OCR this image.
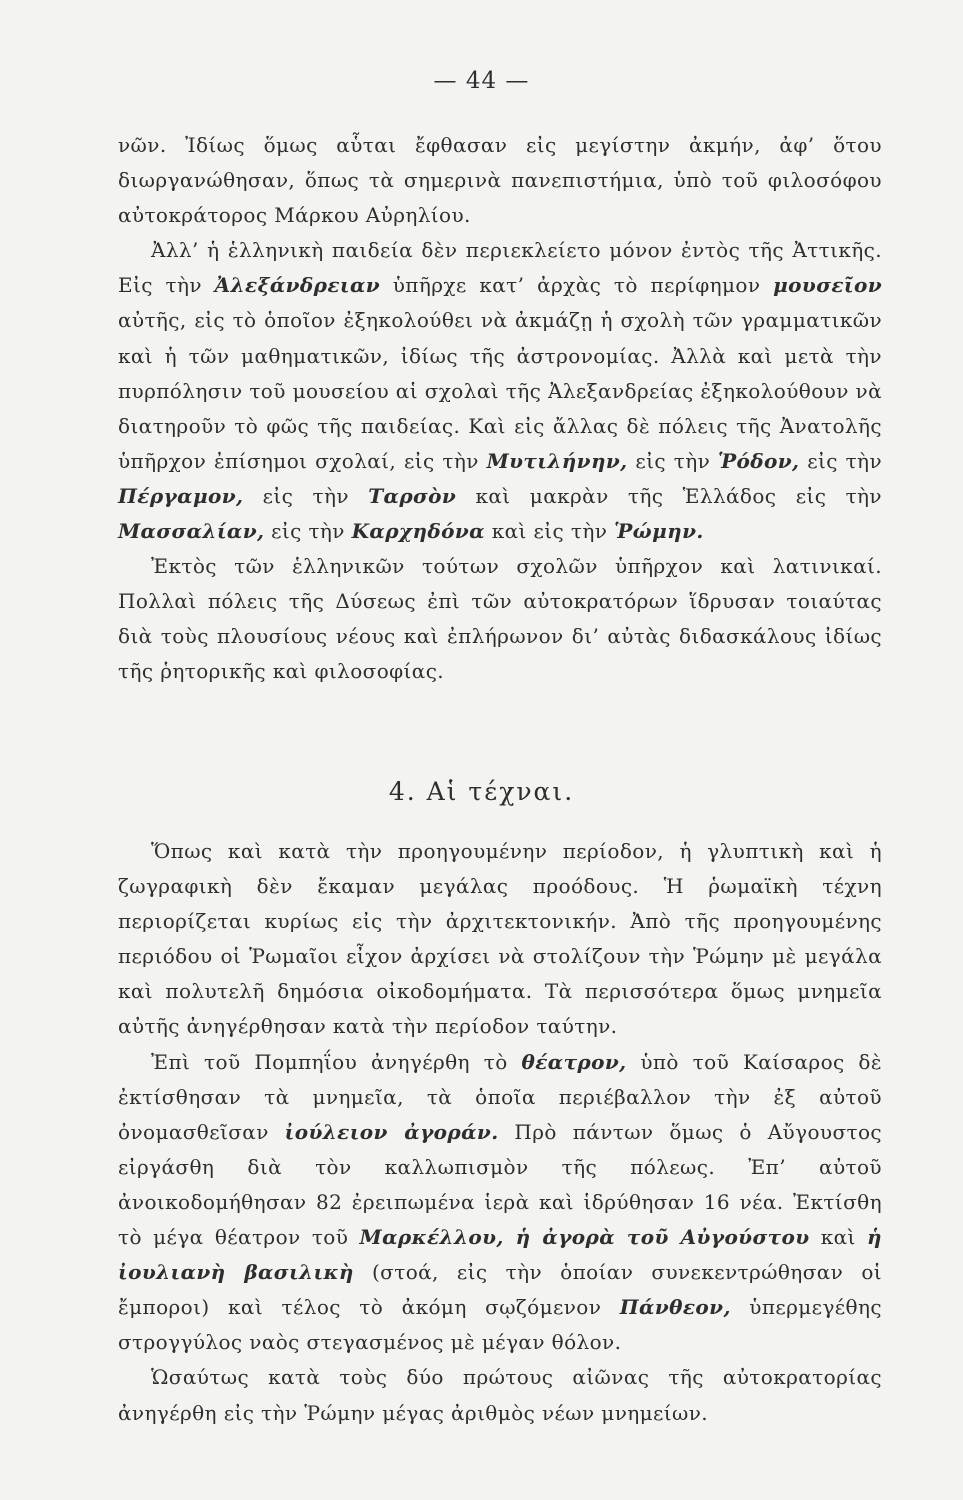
— 44 —

νῶν. Ἰδίως ὅμως αὗται ἔφθασαν εἰς μεγίστην ἀκμήν, ἀφ’ ὅτου διωργανώθησαν, ὅπως τὰ σημερινὰ πανεπιστήμια, ὑπὸ τοῦ φιλοσόφου αὐτοκράτορος Μάρκου Αὐρηλίου.

Ἀλλ’ ἡ ἑλληνικὴ παιδεία δὲν περιεκλείετο μόνον ἐντὸς τῆς Ἀττικῆς. Εἰς τὴν Ἀλεξάνδρειαν ὑπῆρχε κατ’ ἀρχὰς τὸ περίφημον μουσεῖον αὐτῆς, εἰς τὸ ὁποῖον ἐξηκολούθει νὰ ἀκμάζῃ ἡ σχολὴ τῶν γραμματικῶν καὶ ἡ τῶν μαθηματικῶν, ἰδίως τῆς ἀστρονομίας. Ἀλλὰ καὶ μετὰ τὴν πυρπόλησιν τοῦ μουσείου αἱ σχολαὶ τῆς Ἀλεξανδρείας ἐξηκολούθουν νὰ διατηροῦν τὸ φῶς τῆς παιδείας. Καὶ εἰς ἄλλας δὲ πόλεις τῆς Ἀνατολῆς ὑπῆρχον ἐπίσημοι σχολαί, εἰς τὴν Μυτιλήνην, εἰς τὴν Ῥόδον, εἰς τὴν Πέργαμον, εἰς τὴν Ταρσὸν καὶ μακρὰν τῆς Ἑλλάδος εἰς τὴν Μασσαλίαν, εἰς τὴν Καρχηδόνα καὶ εἰς τὴν Ῥώμην.

Ἐκτὸς τῶν ἑλληνικῶν τούτων σχολῶν ὑπῆρχον καὶ λατινικαί. Πολλαὶ πόλεις τῆς Δύσεως ἐπὶ τῶν αὐτοκρατόρων ἵδρυσαν τοιαύτας διὰ τοὺς πλουσίους νέους καὶ ἐπλήρωνον δι’ αὐτὰς διδασκάλους ἰδίως τῆς ῥητορικῆς καὶ φιλοσοφίας.

4. Αἱ τέχναι.

Ὅπως καὶ κατὰ τὴν προηγουμένην περίοδον, ἡ γλυπτικὴ καὶ ἡ ζωγραφικὴ δὲν ἔκαμαν μεγάλας προόδους. Ἡ ῥωμαϊκὴ τέχνη περιορίζεται κυρίως εἰς τὴν ἀρχιτεκτονικήν. Ἀπὸ τῆς προηγουμένης περιόδου οἱ Ῥωμαῖοι εἶχον ἀρχίσει νὰ στολίζουν τὴν Ῥώμην μὲ μεγάλα καὶ πολυτελῆ δημόσια οἰκοδομήματα. Τὰ περισσότερα ὅμως μνημεῖα αὐτῆς ἀνηγέρθησαν κατὰ τὴν περίοδον ταύτην.

Ἐπὶ τοῦ Πομπηΐου ἀνηγέρθη τὸ θέατρον, ὑπὸ τοῦ Καίσαρος δὲ ἐκτίσθησαν τὰ μνημεῖα, τὰ ὁποῖα περιέβαλλον τὴν ἐξ αὐτοῦ ὀνομασθεῖσαν ἰούλειον ἀγοράν. Πρὸ πάντων ὅμως ὁ Αὔγουστος εἰργάσθη διὰ τὸν καλλωπισμὸν τῆς πόλεως. Ἐπ’ αὐτοῦ ἀνοικοδομήθησαν 82 ἐρειπωμένα ἱερὰ καὶ ἱδρύθησαν 16 νέα. Ἐκτίσθη τὸ μέγα θέατρον τοῦ Μαρκέλλου, ἡ ἀγορὰ τοῦ Αὐγούστου καὶ ἡ ἰουλιανὴ βασιλικὴ (στοά, εἰς τὴν ὁποίαν συνεκεντρώθησαν οἱ ἔμποροι) καὶ τέλος τὸ ἀκόμη σῳζόμενον Πάνθεον, ὑπερμεγέθης στρογγύλος ναὸς στεγασμένος μὲ μέγαν θόλον.

Ὡσαύτως κατὰ τοὺς δύο πρώτους αἰῶνας τῆς αὐτοκρατορίας ἀνηγέρθη εἰς τὴν Ῥώμην μέγας ἀριθμὸς νέων μνημείων.
